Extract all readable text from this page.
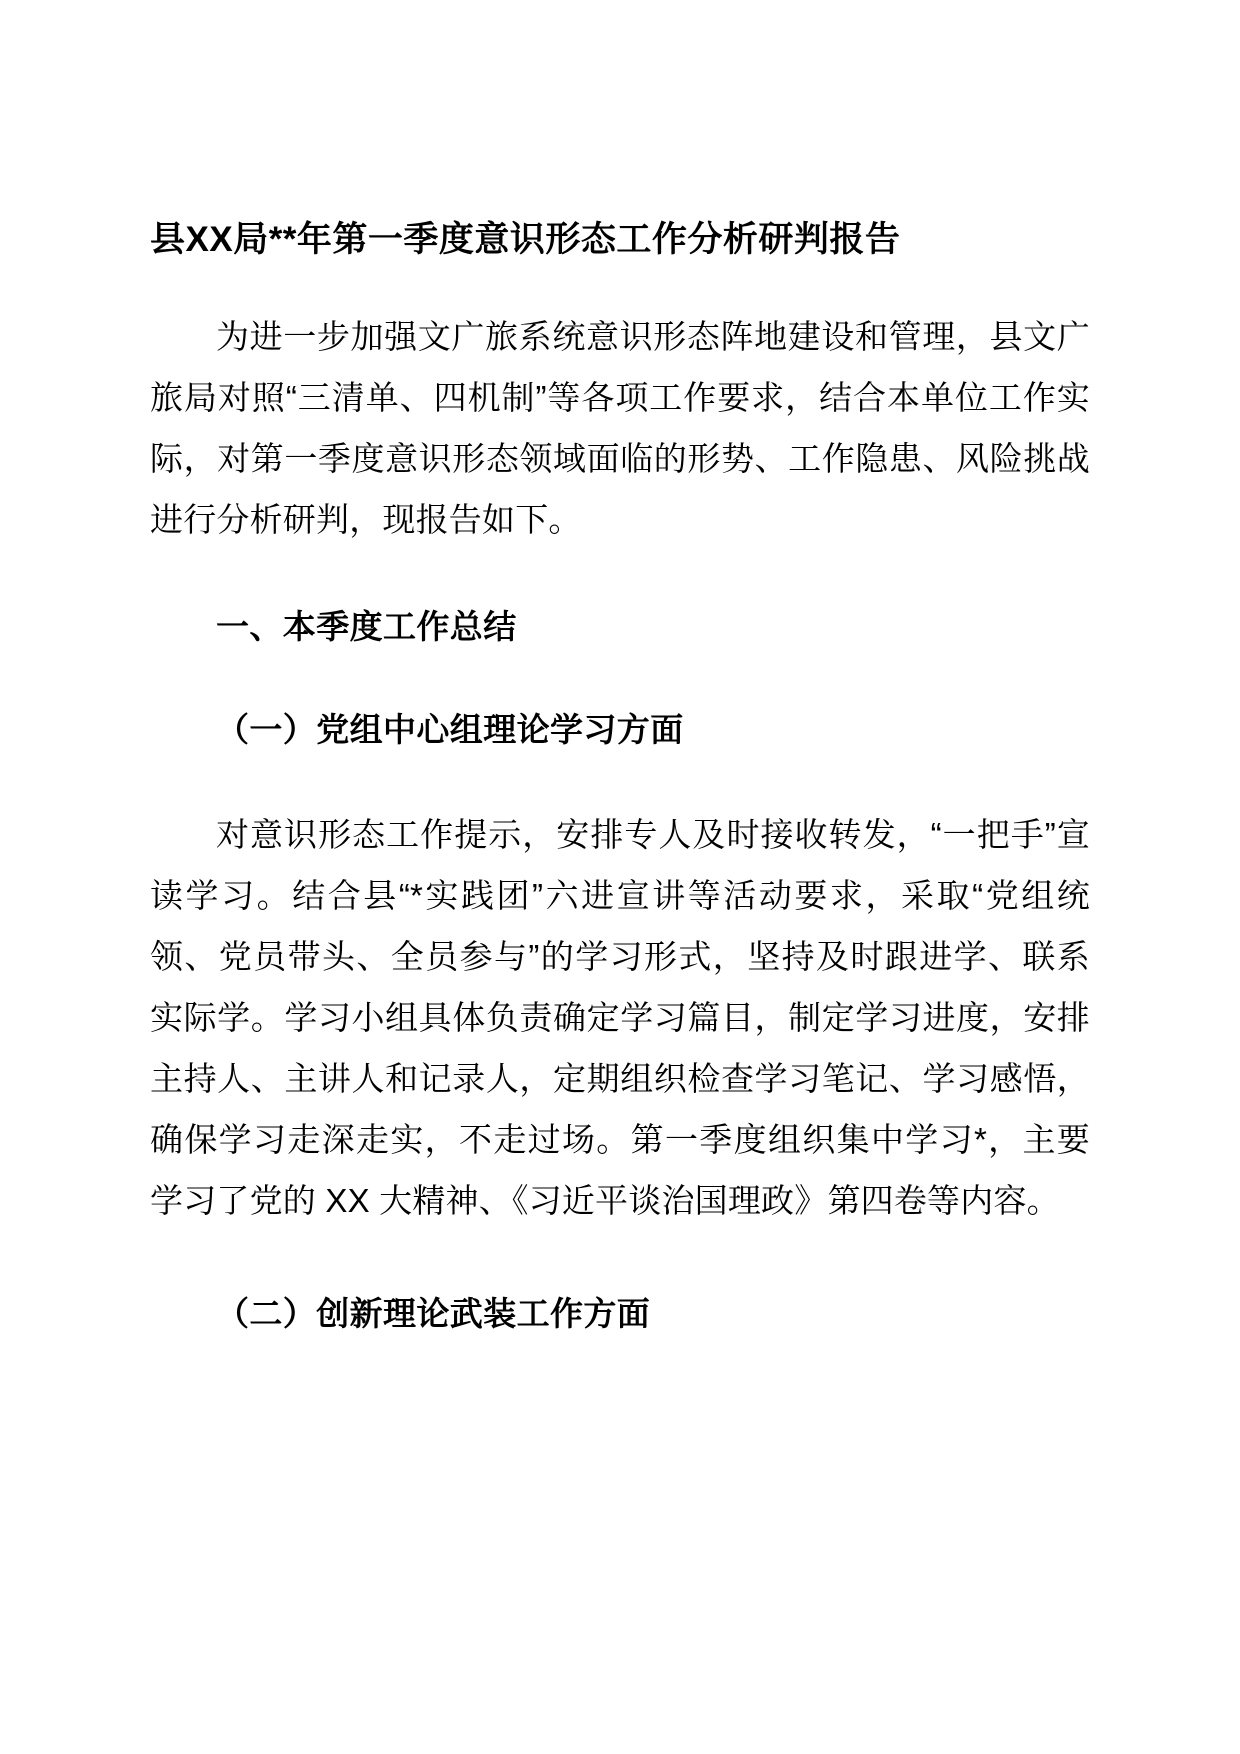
县XX局**年第一季度意识形态工作分析研判报告

为进一步加强文广旅系统意识形态阵地建设和管理，县文广旅局对照“三清单、四机制”等各项工作要求，结合本单位工作实际，对第一季度意识形态领域面临的形势、工作隐患、风险挑战进行分析研判，现报告如下。

一、本季度工作总结
（一）党组中心组理论学习方面

对意识形态工作提示，安排专人及时接收转发，“一把手”宣读学习。结合县“*实践团”六进宣讲等活动要求，采取“党组统领、党员带头、全员参与”的学习形式，坚持及时跟进学、联系实际学。学习小组具体负责确定学习篇目，制定学习进度，安排主持人、主讲人和记录人，定期组织检查学习笔记、学习感悟，确保学习走深走实，不走过场。第一季度组织集中学习*，主要学习了党的 XX 大精神、《习近平谈治国理政》第四卷等内容。

（二）创新理论武装工作方面
